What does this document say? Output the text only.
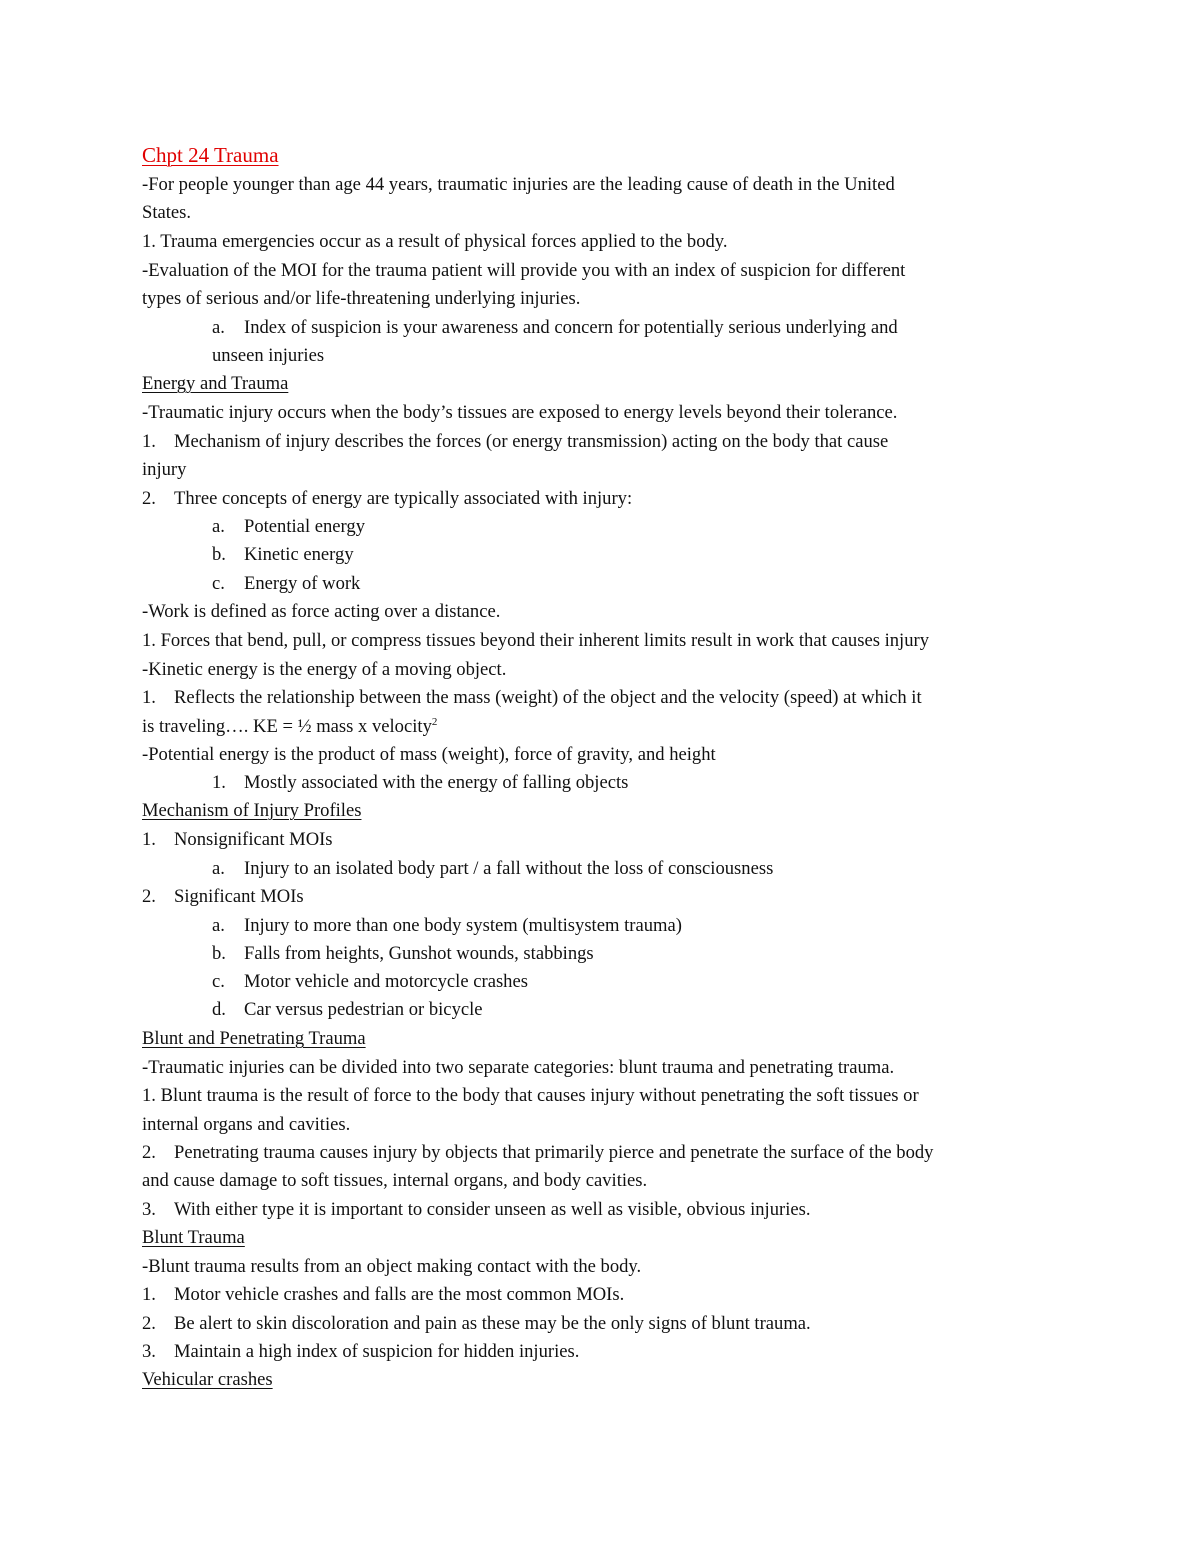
Chpt 24 Trauma
-For people younger than age 44 years, traumatic injuries are the leading cause of death in the United
States.
1. Trauma emergencies occur as a result of physical forces applied to the body.
-Evaluation of the MOI for the trauma patient will provide you with an index of suspicion for different
types of serious and/or life-threatening underlying injuries.
a. Index of suspicion is your awareness and concern for potentially serious underlying and
unseen injuries
Energy and Trauma
-Traumatic injury occurs when the body’s tissues are exposed to energy levels beyond their tolerance.
1. Mechanism of injury describes the forces (or energy transmission) acting on the body that cause
injury
2. Three concepts of energy are typically associated with injury:
a. Potential energy
b. Kinetic energy
c. Energy of work
-Work is defined as force acting over a distance.
1. Forces that bend, pull, or compress tissues beyond their inherent limits result in work that causes injury
-Kinetic energy is the energy of a moving object.
1. Reflects the relationship between the mass (weight) of the object and the velocity (speed) at which it
is traveling…. KE = ½ mass x velocity$^2$
-Potential energy is the product of mass (weight), force of gravity, and height
1. Mostly associated with the energy of falling objects
Mechanism of Injury Profiles
1. Nonsignificant MOIs
a. Injury to an isolated body part / a fall without the loss of consciousness
2. Significant MOIs
a. Injury to more than one body system (multisystem trauma)
b. Falls from heights, Gunshot wounds, stabbings
c. Motor vehicle and motorcycle crashes
d. Car versus pedestrian or bicycle
Blunt and Penetrating Trauma
-Traumatic injuries can be divided into two separate categories: blunt trauma and penetrating trauma.
1. Blunt trauma is the result of force to the body that causes injury without penetrating the soft tissues or
internal organs and cavities.
2. Penetrating trauma causes injury by objects that primarily pierce and penetrate the surface of the body
and cause damage to soft tissues, internal organs, and body cavities.
3. With either type it is important to consider unseen as well as visible, obvious injuries.
Blunt Trauma
-Blunt trauma results from an object making contact with the body.
1. Motor vehicle crashes and falls are the most common MOIs.
2. Be alert to skin discoloration and pain as these may be the only signs of blunt trauma.
3. Maintain a high index of suspicion for hidden injuries.
Vehicular crashes
